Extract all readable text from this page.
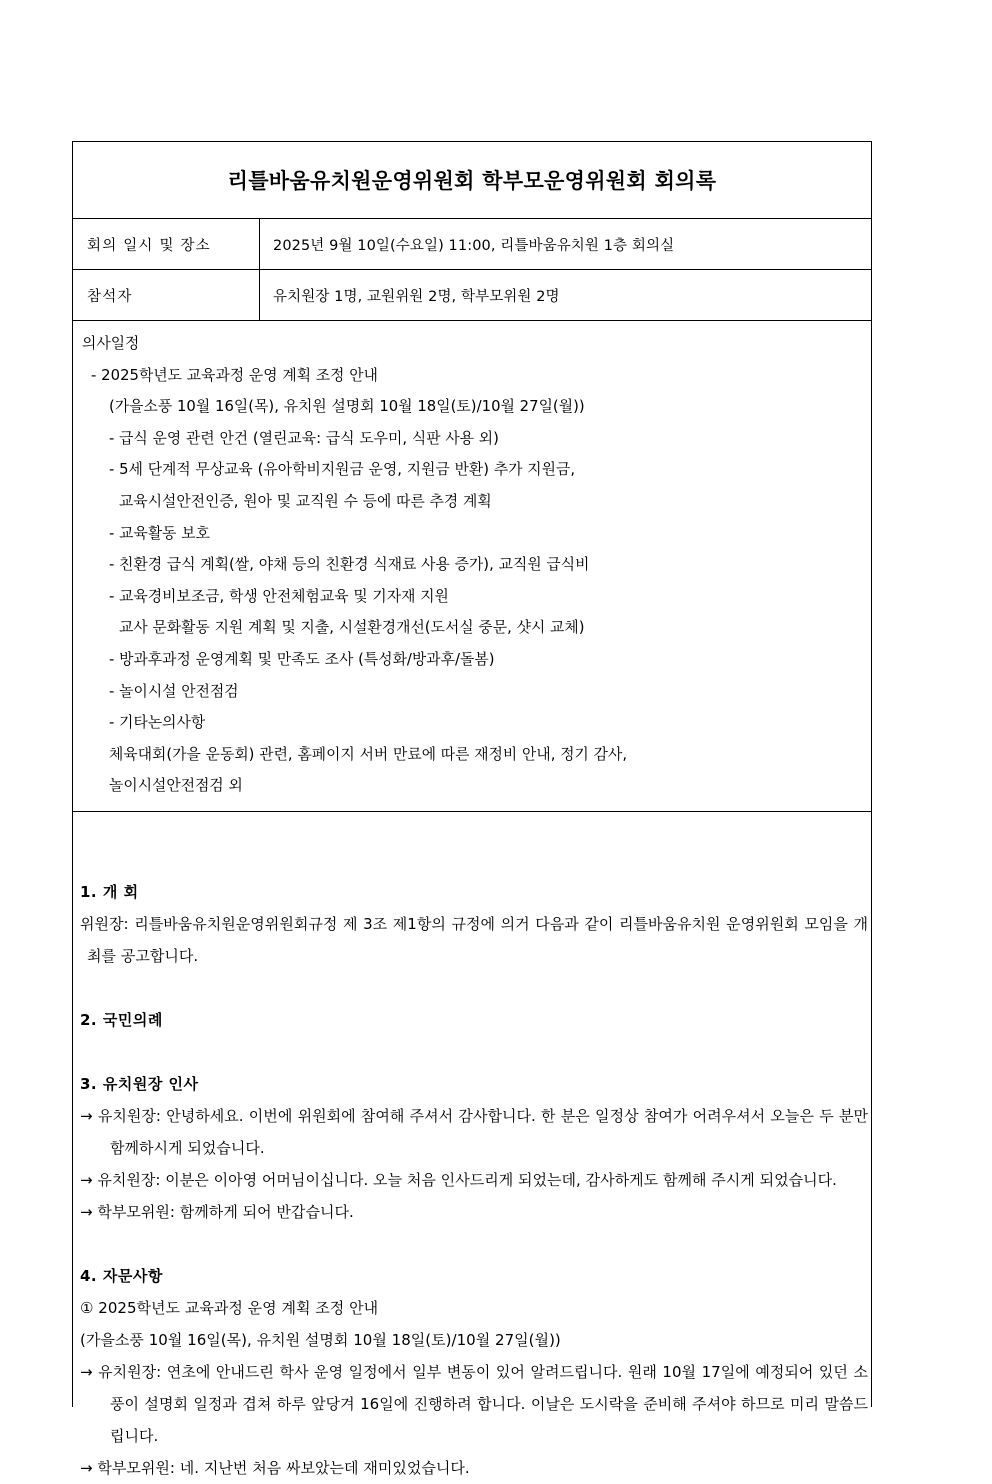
리틀바움유치원운영위원회 학부모운영위원회 회의록
회의 일시 및 장소	2025년 9월 10일(수요일) 11:00, 리틀바움유치원 1층 회의실
참석자	유치원장 1명, 교원위원 2명, 학부모위원 2명
의사일정
- 2025학년도 교육과정 운영 계획 조정 안내
(가을소풍 10월 16일(목), 유치원 설명회 10월 18일(토)/10월 27일(월))
- 급식 운영 관련 안건 (열린교육: 급식 도우미, 식판 사용 외)
- 5세 단계적 무상교육 (유아학비지원금 운영, 지원금 반환) 추가 지원금,
교육시설안전인증, 원아 및 교직원 수 등에 따른 추경 계획
- 교육활동 보호
- 친환경 급식 계획(쌀, 야채 등의 친환경 식재료 사용 증가), 교직원 급식비
- 교육경비보조금, 학생 안전체험교육 및 기자재 지원
교사 문화활동 지원 계획 및 지출, 시설환경개선(도서실 중문, 샷시 교체)
- 방과후과정 운영계획 및 만족도 조사 (특성화/방과후/돌봄)
- 놀이시설 안전점검
- 기타논의사항
체육대회(가을 운동회) 관련, 홈페이지 서버 만료에 따른 재정비 안내, 정기 감사,
놀이시설안전점검 외
1. 개 회
위원장: 리틀바움유치원운영위원회규정 제 3조 제1항의 규정에 의거 다음과 같이 리틀바움유치원 운영위원회 모임을 개최를 공고합니다.
2. 국민의례
3. 유치원장 인사
→ 유치원장: 안녕하세요. 이번에 위원회에 참여해 주셔서 감사합니다. 한 분은 일정상 참여가 어려우셔서 오늘은 두 분만 함께하시게 되었습니다.
→ 유치원장: 이분은 이아영 어머님이십니다. 오늘 처음 인사드리게 되었는데, 감사하게도 함께해 주시게 되었습니다.
→ 학부모위원: 함께하게 되어 반갑습니다.
4. 자문사항
① 2025학년도 교육과정 운영 계획 조정 안내
(가을소풍 10월 16일(목), 유치원 설명회 10월 18일(토)/10월 27일(월))
→ 유치원장: 연초에 안내드린 학사 운영 일정에서 일부 변동이 있어 알려드립니다. 원래 10월 17일에 예정되어 있던 소풍이 설명회 일정과 겹쳐 하루 앞당겨 16일에 진행하려 합니다. 이날은 도시락을 준비해 주셔야 하므로 미리 말씀드립니다.
→ 학부모위원: 네. 지난번 처음 싸보았는데 재미있었습니다.
